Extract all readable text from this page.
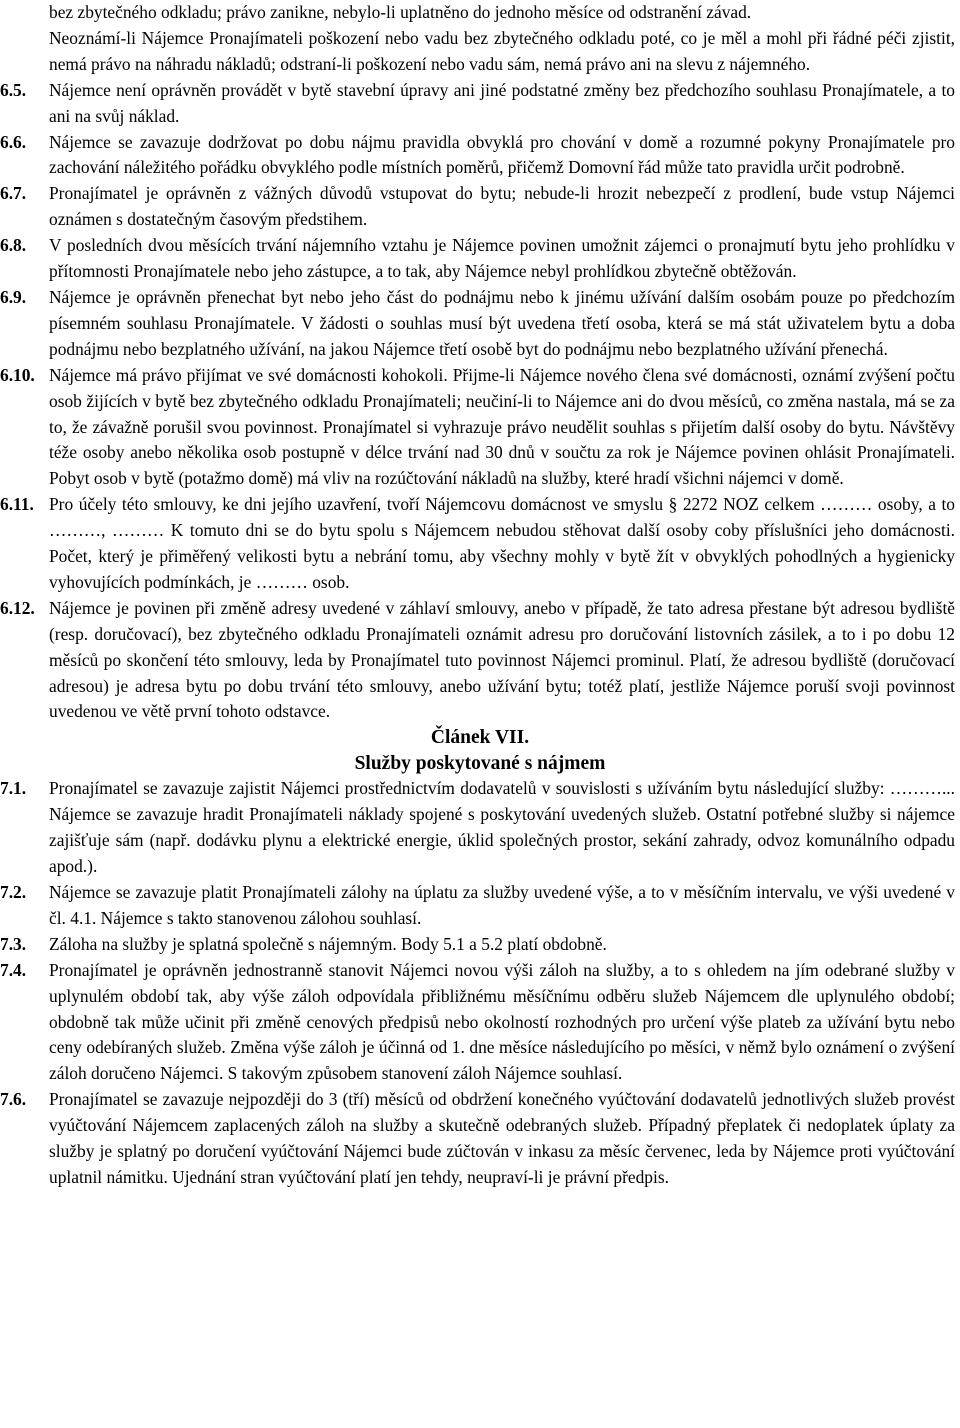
bez zbytečného odkladu; právo zanikne, nebylo-li uplatněno do jednoho měsíce od odstranění závad.
Neoznámí-li Nájemce Pronajímateli poškození nebo vadu bez zbytečného odkladu poté, co je měl a mohl při řádné péči zjistit, nemá právo na náhradu nákladů; odstraní-li poškození nebo vadu sám, nemá právo ani na slevu z nájemného.
6.5.	Nájemce není oprávněn provádět v bytě stavební úpravy ani jiné podstatné změny bez předchozího souhlasu Pronajímatele, a to ani na svůj náklad.
6.6.	Nájemce se zavazuje dodržovat po dobu nájmu pravidla obvyklá pro chování v domě a rozumné pokyny Pronajímatele pro zachování náležitého pořádku obvyklého podle místních poměrů, přičemž Domovní řád může tato pravidla určit podrobně.
6.7.	Pronajímatel je oprávněn z vážných důvodů vstupovat do bytu; nebude-li hrozit nebezpečí z prodlení, bude vstup Nájemci oznámen s dostatečným časovým předstihem.
6.8.	V posledních dvou měsících trvání nájemního vztahu je Nájemce povinen umožnit zájemci o pronajmutí bytu jeho prohlídku v přítomnosti Pronajímatele nebo jeho zástupce, a to tak, aby Nájemce nebyl prohlídkou zbytečně obtěžován.
6.9.	Nájemce je oprávněn přenechat byt nebo jeho část do podnájmu nebo k jinému užívání dalším osobám pouze po předchozím písemném souhlasu Pronajímatele. V žádosti o souhlas musí být uvedena třetí osoba, která se má stát uživatelem bytu a doba podnájmu nebo bezplatného užívání, na jakou Nájemce třetí osobě byt do podnájmu nebo bezplatného užívání přenechá.
6.10. Nájemce má právo přijímat ve své domácnosti kohokoli. Přijme-li Nájemce nového člena své domácnosti, oznámí zvýšení počtu osob žijících v bytě bez zbytečného odkladu Pronajímateli; neučiní-li to Nájemce ani do dvou měsíců, co změna nastala, má se za to, že závažně porušil svou povinnost. Pronajímatel si vyhrazuje právo neudělit souhlas s přijetím další osoby do bytu. Návštěvy téže osoby anebo několika osob postupně v délce trvání nad 30 dnů v součtu za rok je Nájemce povinen ohlásit Pronajímateli. Pobyt osob v bytě (potažmo domě) má vliv na rozúčtování nákladů na služby, které hradí všichni nájemci v domě.
6.11. Pro účely této smlouvy, ke dni jejího uzavření, tvoří Nájemcovu domácnost ve smyslu § 2272 NOZ celkem ……… osoby, a to ………, ……… K tomuto dni se do bytu spolu s Nájemcem nebudou stěhovat další osoby coby příslušníci jeho domácnosti. Počet, který je přiměřený velikosti bytu a nebrání tomu, aby všechny mohly v bytě žít v obvyklých pohodlných a hygienicky vyhovujících podmínkách, je ……… osob.
6.12. Nájemce je povinen při změně adresy uvedené v záhlaví smlouvy, anebo v případě, že tato adresa přestane být adresou bydliště (resp. doručovací), bez zbytečného odkladu Pronajímateli oznámit adresu pro doručování listovních zásilek, a to i po dobu 12 měsíců po skončení této smlouvy, leda by Pronajímatel tuto povinnost Nájemci prominul. Platí, že adresou bydliště (doručovací adresou) je adresa bytu po dobu trvání této smlouvy, anebo užívání bytu; totéž platí, jestliže Nájemce poruší svoji povinnost uvedenou ve větě první tohoto odstavce.
Článek VII.
Služby poskytované s nájmem
7.1.	Pronajímatel se zavazuje zajistit Nájemci prostřednictvím dodavatelů v souvislosti s užíváním bytu následující služby: ………... Nájemce se zavazuje hradit Pronajímateli náklady spojené s poskytování uvedených služeb. Ostatní potřebné služby si nájemce zajišťuje sám (např. dodávku plynu a elektrické energie, úklid společných prostor, sekání zahrady, odvoz komunálního odpadu apod.).
7.2.	Nájemce se zavazuje platit Pronajímateli zálohy na úplatu za služby uvedené výše, a to v měsíčním intervalu, ve výši uvedené v čl. 4.1. Nájemce s takto stanovenou zálohou souhlasí.
7.3.	Záloha na služby je splatná společně s nájemným. Body 5.1 a 5.2 platí obdobně.
7.4.	Pronajímatel je oprávněn jednostranně stanovit Nájemci novou výši záloh na služby, a to s ohledem na jím odebrané služby v uplynulém období tak, aby výše záloh odpovídala přibližnému měsíčnímu odběru služeb Nájemcem dle uplynulého období; obdobně tak může učinit při změně cenových předpisů nebo okolností rozhodných pro určení výše plateb za užívání bytu nebo ceny odebíraných služeb. Změna výše záloh je účinná od 1. dne měsíce následujícího po měsíci, v němž bylo oznámení o zvýšení záloh doručeno Nájemci. S takovým způsobem stanovení záloh Nájemce souhlasí.
7.6.	Pronajímatel se zavazuje nejpozději do 3 (tří) měsíců od obdržení konečného vyúčtování dodavatelů jednotlivých služeb provést vyúčtování Nájemcem zaplacených záloh na služby a skutečně odebraných služeb. Případný přeplatek či nedoplatek úplaty za služby je splatný po doručení vyúčtování Nájemci bude zúčtován v inkasu za měsíc červenec, leda by Nájemce proti vyúčtování uplatnil námitku. Ujednání stran vyúčtování platí jen tehdy, neupraví-li je právní předpis.
